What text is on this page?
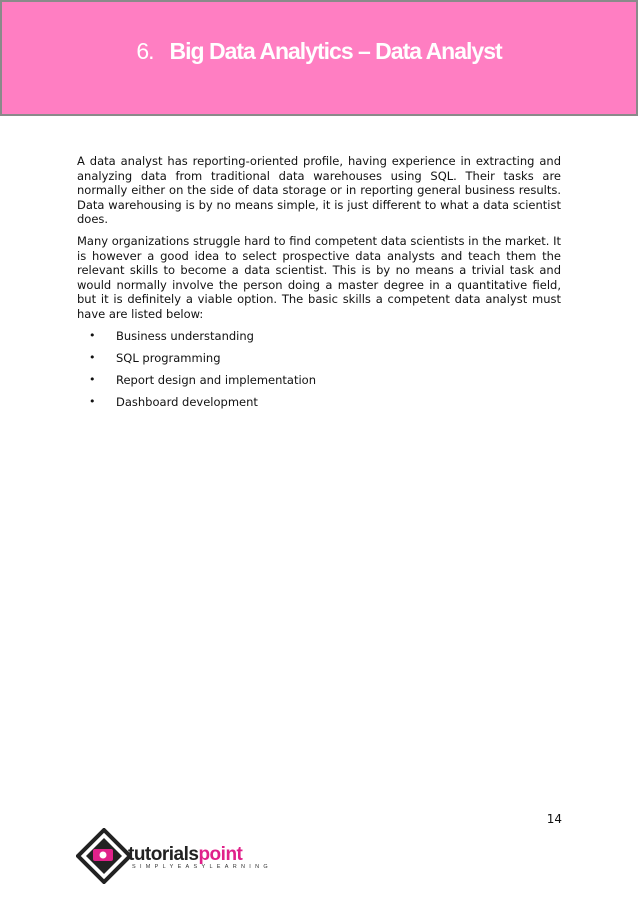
6. Big Data Analytics – Data Analyst

A data analyst has reporting-oriented profile, having experience in extracting and analyzing data from traditional data warehouses using SQL. Their tasks are normally either on the side of data storage or in reporting general business results. Data warehousing is by no means simple, it is just different to what a data scientist does.

Many organizations struggle hard to find competent data scientists in the market. It is however a good idea to select prospective data analysts and teach them the relevant skills to become a data scientist. This is by no means a trivial task and would normally involve the person doing a master degree in a quantitative field, but it is definitely a viable option. The basic skills a competent data analyst must have are listed below:

• Business understanding
• SQL programming
• Report design and implementation
• Dashboard development
14
tutorialspoint
SIMPLYEASYLEARNING
